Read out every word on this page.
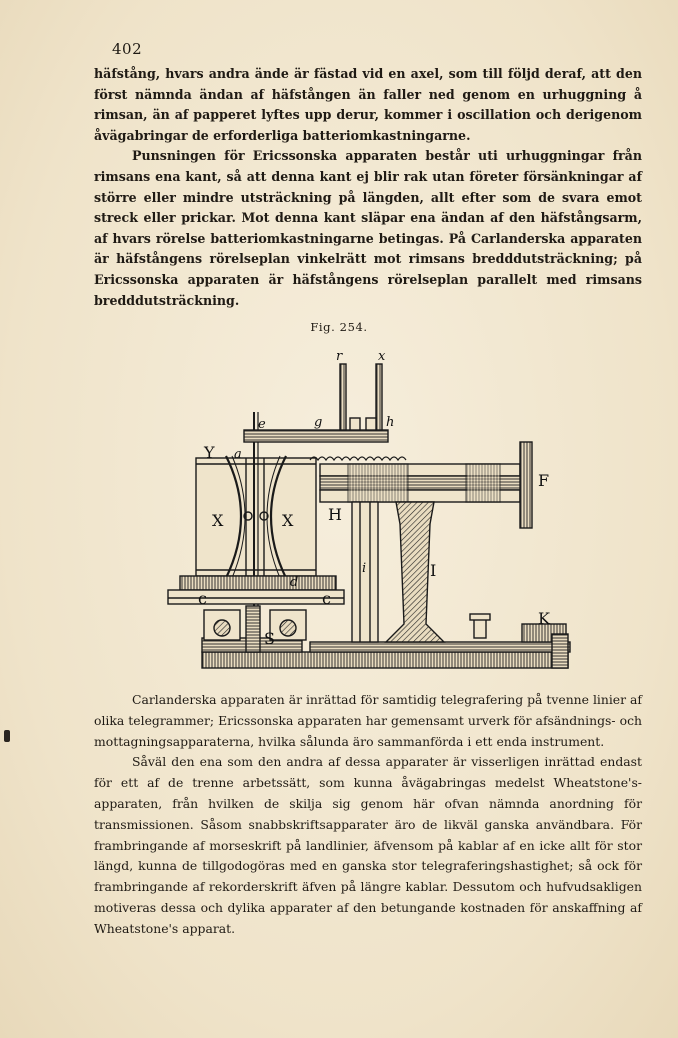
402

häfstång, hvars andra ände är fästad vid en axel, som till följd deraf, att den först nämnda ändan af häfstången än faller ned genom en urhuggning å rimsan, än af papperet lyftes upp derur, kommer i oscillation och derigenom åvägabringar de erforderliga batteriomkastningarne.

Punsningen för Ericssonska apparaten består uti urhuggningar från rimsans ena kant, så att denna kant ej blir rak utan företer försänkningar af större eller mindre utsträckning på längden, allt efter som de svara emot streck eller prickar. Mot denna kant släpar ena ändan af den häfstångsarm, af hvars rörelse batteriomkastningarne betingas. På Carlanderska apparaten är häfstångens rörelseplan vinkelrätt mot rimsans bredddutsträckning; på Ericssonska apparaten är häfstångens rörelseplan parallelt med rimsans bredddutsträckning.

Fig. 254.
r	x
g	h
e
Y a
X	X H
F
i	I
d
c	c
S
K

Carlanderska apparaten är inrättad för samtidig telegrafering på tvenne linier af olika telegrammer; Ericssonska apparaten har gemensamt urverk för afsändnings- och mottagningsapparaterna, hvilka sålunda äro sammanförda i ett enda instrument.

Såväl den ena som den andra af dessa apparater är visserligen inrättad endast för ett af de trenne arbetssätt, som kunna åvägabringas medelst Wheatstone's-apparaten, från hvilken de skilja sig genom här ofvan nämnda anordning för transmissionen. Såsom snabbskriftsapparater äro de likväl ganska användbara. För frambringande af morseskrift på landlinier, äfvensom på kablar af en icke allt för stor längd, kunna de tillgodogöras med en ganska stor telegraferingshastighet; så ock för frambringande af rekorderskrift äfven på längre kablar. Dessutom och hufvudsakligen motiveras dessa och dylika apparater af den betungande kostnaden för anskaffning af Wheatstone's apparat.
